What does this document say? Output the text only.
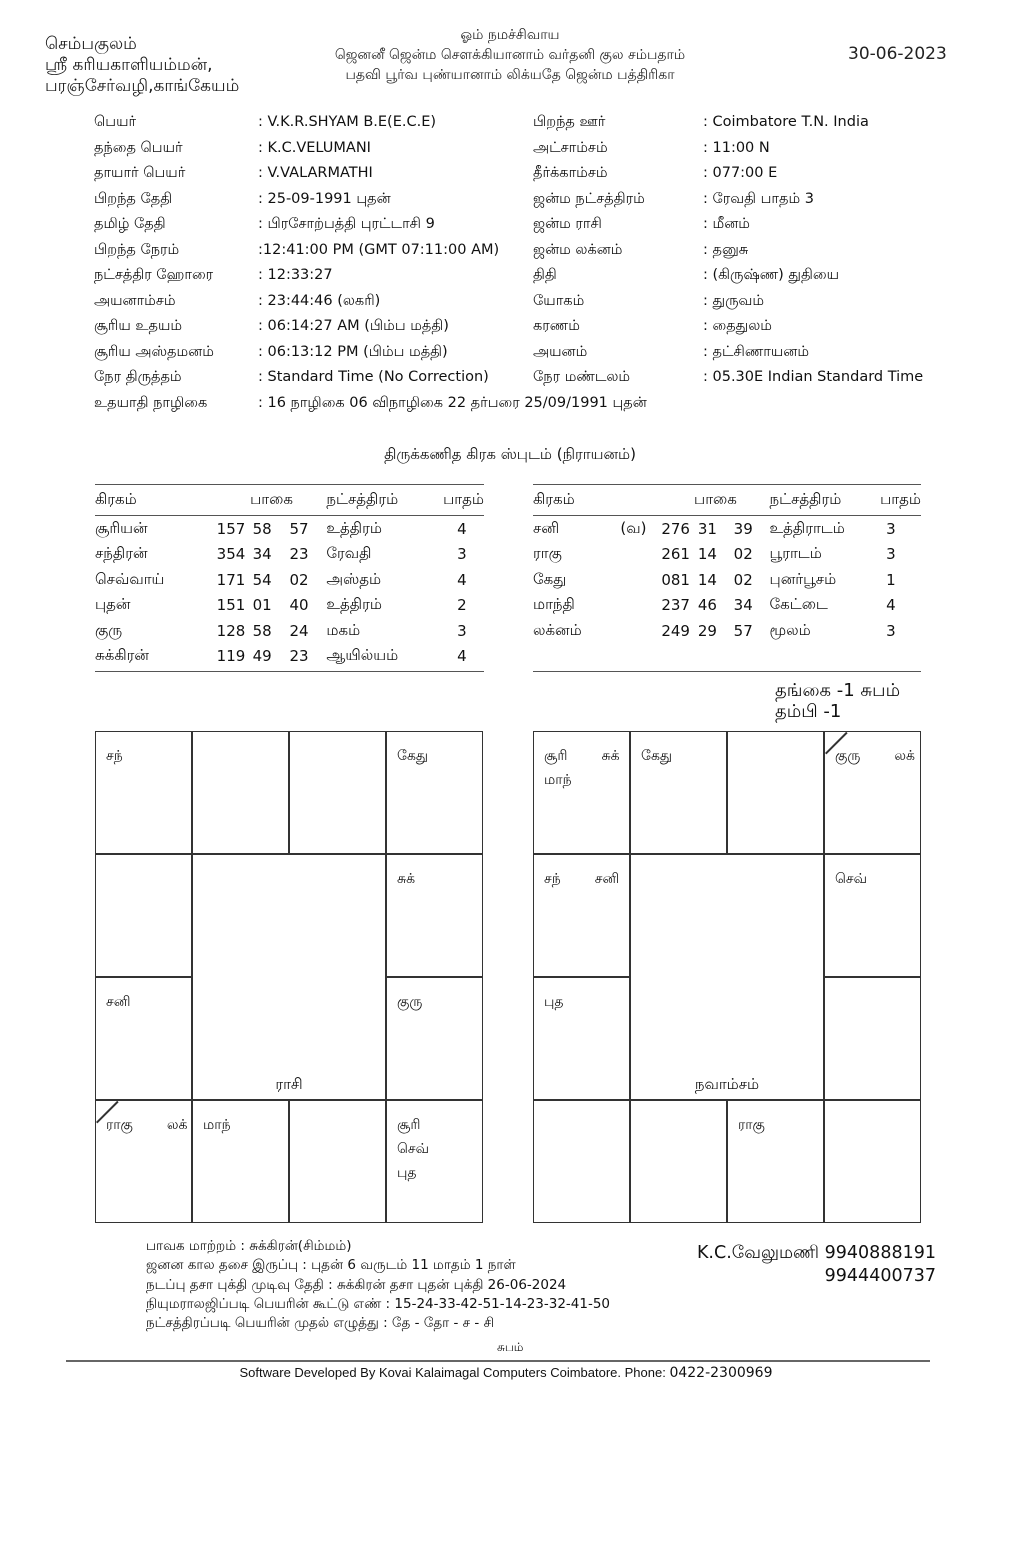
செம்பகுலம்
ஸ்ரீ கரியகாளியம்மன்,
பரஞ்சேர்வழி,காங்கேயம்
ஓம் நமச்சிவாய
ஜெனனீ ஜென்ம சௌக்கியானாம் வர்தனி குல சம்பதாம்
பதவி பூர்வ புண்யானாம் லிக்யதே ஜென்ம பத்திரிகா
30-06-2023
பெயர்	: V.K.R.SHYAM B.E(E.C.E)
தந்தை பெயர்	: K.C.VELUMANI
தாயார் பெயர்	: V.VALARMATHI
பிறந்த தேதி	: 25-09-1991 புதன்
தமிழ் தேதி	: பிரசோற்பத்தி புரட்டாசி 9
பிறந்த நேரம்	:12:41:00 PM (GMT 07:11:00 AM)
நட்சத்திர ஹோரை	: 12:33:27
அயனாம்சம்	: 23:44:46 (லகரி)
சூரிய உதயம்	: 06:14:27 AM (பிம்ப மத்தி)
சூரிய அஸ்தமனம்	: 06:13:12 PM (பிம்ப மத்தி)
நேர திருத்தம்	: Standard Time (No Correction)
உதயாதி நாழிகை	: 16 நாழிகை 06 விநாழிகை 22 தர்பரை 25/09/1991 புதன்
பிறந்த ஊர்	: Coimbatore T.N. India
அட்சாம்சம்	: 11:00 N
தீர்க்காம்சம்	: 077:00 E
ஜன்ம நட்சத்திரம்	: ரேவதி பாதம் 3
ஜன்ம ராசி	: மீனம்
ஜன்ம லக்னம்	: தனுசு
திதி	: (கிருஷ்ண) துதியை
யோகம்	: துருவம்
கரணம்	: தைதுலம்
அயனம்	: தட்சிணாயனம்
நேர மண்டலம்	: 05.30E Indian Standard Time
திருக்கணித கிரக ஸ்புடம் (நிராயனம்)
கிரகம்	பாகை			நட்சத்திரம்	பாதம்
சூரியன்	157	58	57	உத்திரம்	4
சந்திரன்	354	34	23	ரேவதி	3
செவ்வாய்	171	54	02	அஸ்தம்	4
புதன்	151	01	40	உத்திரம்	2
குரு	128	58	24	மகம்	3
சுக்கிரன்	119	49	23	ஆயில்யம்	4
கிரகம்		பாகை			நட்சத்திரம்	பாதம்
சனி	(வ)	276	31	39	உத்திராடம்	3
ராகு		261	14	02	பூராடம்	3
கேது		081	14	02	புனர்பூசம்	1
மாந்தி		237	46	34	கேட்டை	4
லக்னம்		249	29	57	மூலம்	3
தங்கை -1 சுபம்
தம்பி -1
சந்	கேது
சுக்
சனி	குரு
ராகு லக் மாந்	சூரி
செவ்
புத
ராசி
சூரி சுக்
மாந்
கேது	குரு லக்
சந் சனி	செவ்
புத
ராகு
நவாம்சம்
பாவக மாற்றம் : சுக்கிரன்(சிம்மம்)
ஜனன கால தசை இருப்பு : புதன் 6 வருடம் 11 மாதம் 1 நாள்
நடப்பு தசா புக்தி முடிவு தேதி : சுக்கிரன் தசா புதன் புக்தி 26-06-2024
நியுமராலஜிப்படி பெயரின் கூட்டு எண் : 15-24-33-42-51-14-23-32-41-50
நட்சத்திரப்படி பெயரின் முதல் எழுத்து : தே - தோ - ச - சி
சுபம்
K.C.வேலுமணி 9940888191
9944400737
Software Developed By Kovai Kalaimagal Computers Coimbatore. Phone: 0422-2300969
